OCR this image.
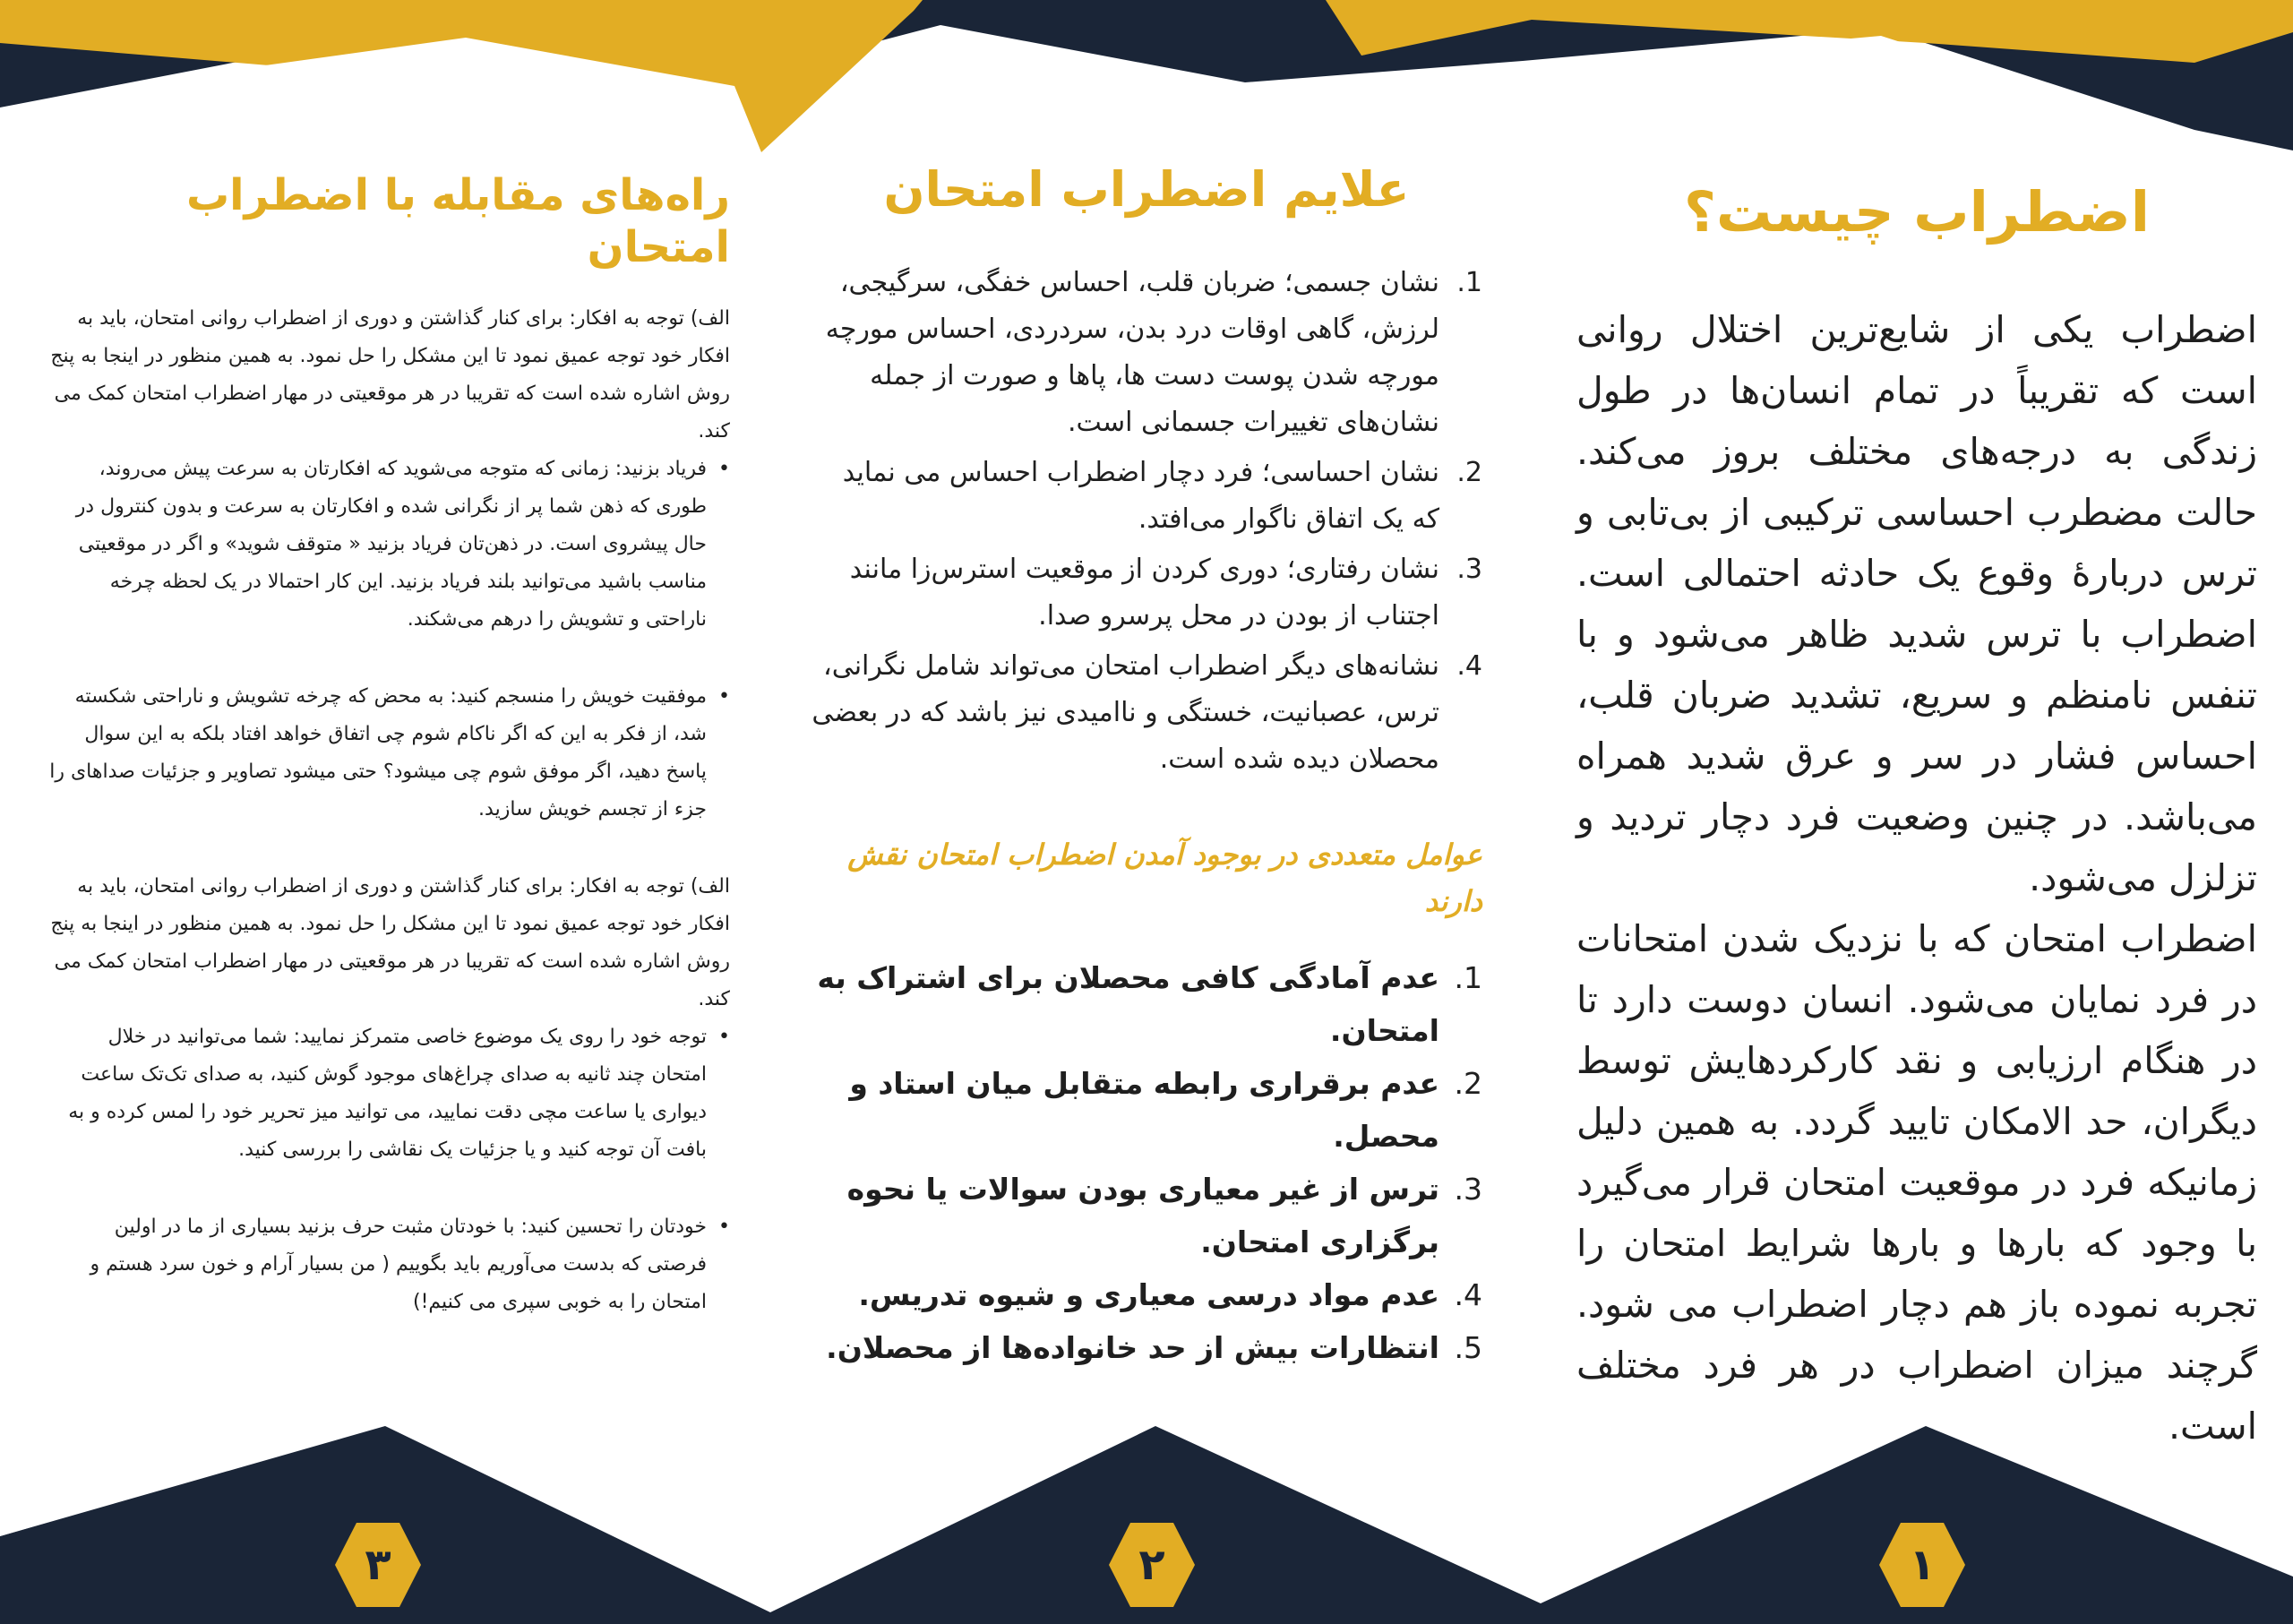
اضطراب چیست؟

اضطراب یکی از شایع‌ترین اختلال روانی است که تقریباً در تمام انسان‌ها در طول زندگی به درجه‌های مختلف بروز می‌کند. حالت مضطرب احساسی ترکیبی از بی‌تابی و ترس دربارهٔ وقوع یک حادثه احتمالی است. اضطراب با ترس شدید ظاهر می‌شود و با تنفس نامنظم و سریع، تشدید ضربان قلب، احساس فشار در سر و عرق شدید همراه می‌باشد. در چنین وضعیت فرد دچار تردید و تزلزل می‌شود.

اضطراب امتحان که با نزدیک شدن امتحانات در فرد نمایان می‌شود. انسان دوست دارد تا در هنگام ارزیابی و نقد کارکردهایش توسط دیگران، حد الامکان تایید گردد. به همین دلیل زمانیکه فرد در موقعیت امتحان قرار می‌گیرد با وجود که بارها و بارها شرایط امتحان را تجربه نموده باز هم دچار اضطراب می شود. گرچند میزان اضطراب در هر فرد مختلف است.

علایم اضطراب امتحان
1.
نشان جسمی؛ ضربان قلب، احساس خفگی، سرگیجی، لرزش، گاهی اوقات درد بدن، سردردی، احساس مورچه مورچه شدن پوست دست ها، پاها و صورت از جمله نشان‌های تغییرات جسمانی است.
2.
نشان احساسی؛ فرد دچار اضطراب احساس می نماید که یک اتفاق ناگوار می‌افتد.
3.
نشان رفتاری؛ دوری کردن از موقعیت استرس‌زا مانند اجتناب از بودن در محل پرسرو صدا.
4.
نشانه‌های دیگر اضطراب امتحان می‌تواند شامل نگرانی، ترس، عصبانیت، خستگی و ناامیدی نیز باشد که در بعضی محصلان دیده شده است.

عوامل متعددی در بوجود آمدن اضطراب امتحان نقش دارند

1.
عدم آمادگی کافی محصلان برای اشتراک به امتحان.
2.
عدم برقراری رابطه متقابل میان استاد و محصل.
3.
ترس از غیر معیاری بودن سوالات یا نحوه برگزاری امتحان.
4.
عدم مواد درسی معیاری و شیوه تدریس.
5.
انتظارات بیش از حد خانواده‌ها از محصلان.
راه‌های مقابله با اضطراب امتحان

الف) توجه به افکار: برای کنار گذاشتن و دوری از اضطراب روانی امتحان، باید به افکار خود توجه عمیق نمود تا این مشکل را حل نمود. به همین منظور در اینجا به پنج روش اشاره شده است که تقریبا در هر موقعیتی در مهار اضطراب امتحان کمک می کند.

• فریاد بزنید: زمانی که متوجه می‌شوید که افکارتان به سرعت پیش می‌روند، طوری که ذهن شما پر از نگرانی شده و افکارتان به سرعت و بدون کنترول در حال پیشروی است. در ذهن‌تان فریاد بزنید « متوقف شوید» و اگر در موقعیتی مناسب باشید می‌توانید بلند فریاد بزنید. این کار احتمالا در یک لحظه چرخه ناراحتی و تشویش را درهم می‌شکند.
• موفقیت خویش را منسجم کنید: به محض که چرخه تشویش و ناراحتی شکسته شد، از فکر به این که اگر ناکام شوم چی اتفاق خواهد افتاد بلکه به این سوال پاسخ دهید، اگر موفق شوم چی میشود؟ حتی میشود تصاویر و جزئیات صداهای را جزء از تجسم خویش سازید.

الف) توجه به افکار: برای کنار گذاشتن و دوری از اضطراب روانی امتحان، باید به افکار خود توجه عمیق نمود تا این مشکل را حل نمود. به همین منظور در اینجا به پنج روش اشاره شده است که تقریبا در هر موقعیتی در مهار اضطراب امتحان کمک می کند.

• توجه خود را روی یک موضوع خاصی متمرکز نمایید: شما می‌توانید در خلال امتحان چند ثانیه به صدای چراغ‌های موجود گوش کنید، به صدای تک‌تک ساعت دیواری یا ساعت مچی دقت نمایید، می توانید میز تحریر خود را لمس کرده و به بافت آن توجه کنید و یا جزئیات یک نقاشی را بررسی کنید.
• خودتان را تحسین کنید: با خودتان مثبت حرف بزنید بسیاری از ما در اولین فرصتی که بدست می‌آوریم باید بگوییم ( من بسیار آرام و خون سرد هستم و امتحان را به خوبی سپری می کنیم!)
۳	۲	۱
